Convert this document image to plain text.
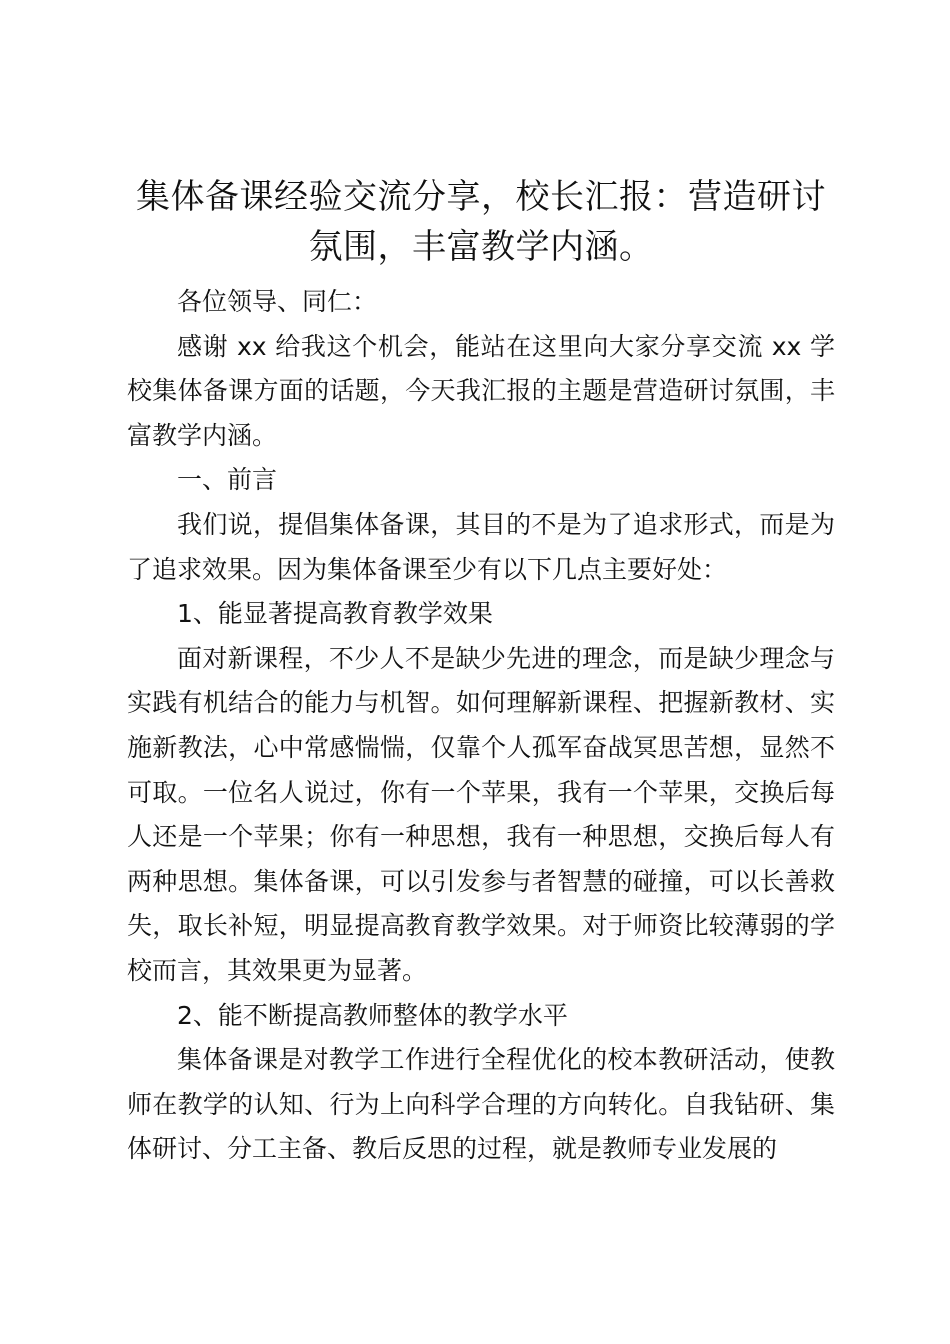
集体备课经验交流分享，校长汇报：营造研讨氛围，丰富教学内涵。

各位领导、同仁：

感谢 xx 给我这个机会，能站在这里向大家分享交流 xx 学校集体备课方面的话题，今天我汇报的主题是营造研讨氛围，丰富教学内涵。

一、前言

我们说，提倡集体备课，其目的不是为了追求形式，而是为了追求效果。因为集体备课至少有以下几点主要好处：

1、能显著提高教育教学效果

面对新课程，不少人不是缺少先进的理念，而是缺少理念与实践有机结合的能力与机智。如何理解新课程、把握新教材、实施新教法，心中常感惴惴，仅靠个人孤军奋战冥思苦想，显然不可取。一位名人说过，你有一个苹果，我有一个苹果，交换后每人还是一个苹果；你有一种思想，我有一种思想，交换后每人有两种思想。集体备课，可以引发参与者智慧的碰撞，可以长善救失，取长补短，明显提高教育教学效果。对于师资比较薄弱的学校而言，其效果更为显著。

2、能不断提高教师整体的教学水平

集体备课是对教学工作进行全程优化的校本教研活动，使教师在教学的认知、行为上向科学合理的方向转化。自我钻研、集体研讨、分工主备、教后反思的过程，就是教师专业发展的
